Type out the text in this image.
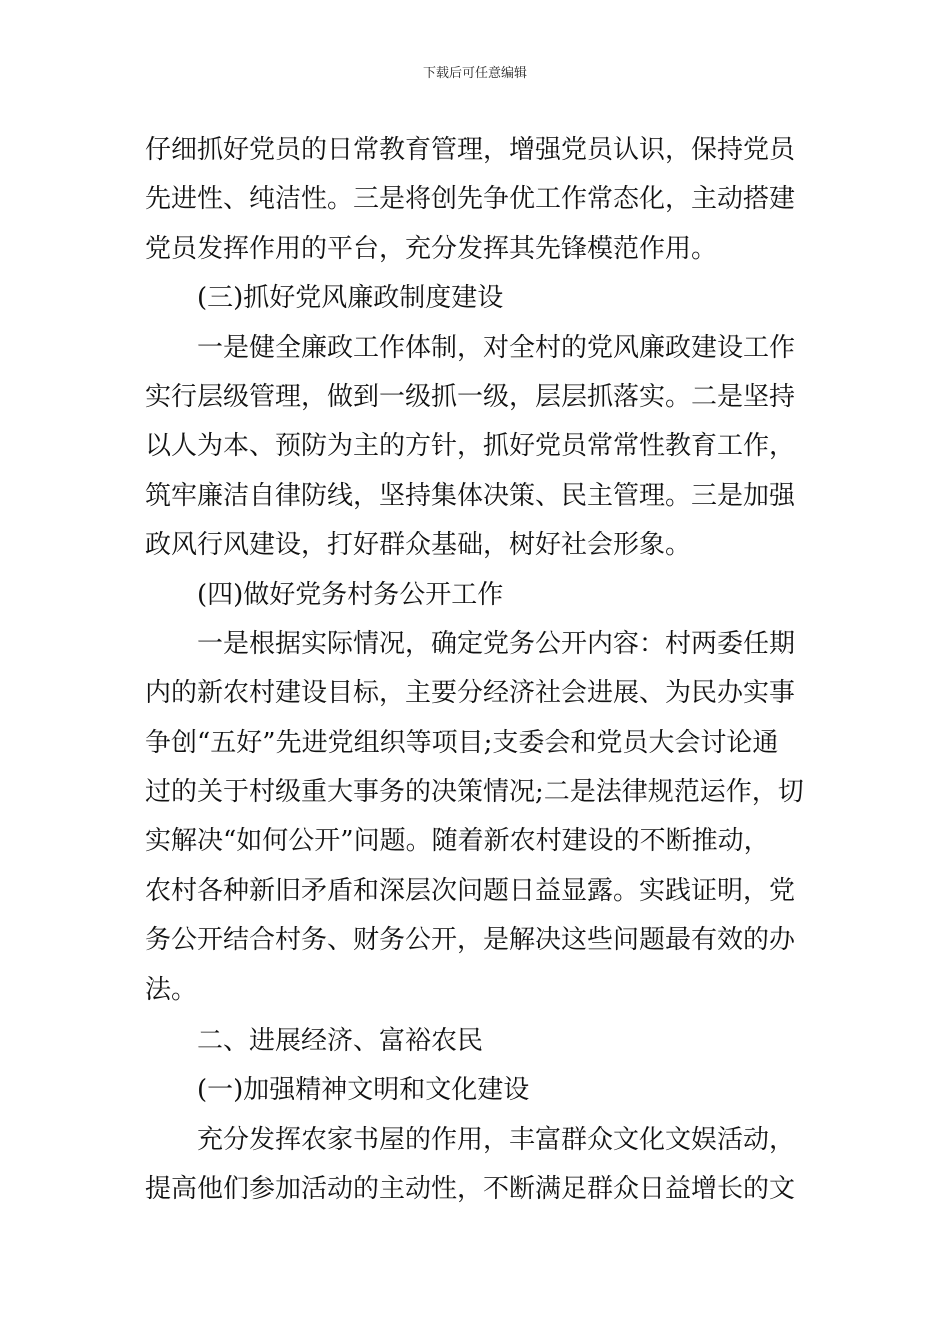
下载后可任意编辑
仔细抓好党员的日常教育管理，增强党员认识，保持党员
先进性、纯洁性。三是将创先争优工作常态化，主动搭建
党员发挥作用的平台，充分发挥其先锋模范作用。
(三)抓好党风廉政制度建设
一是健全廉政工作体制，对全村的党风廉政建设工作
实行层级管理，做到一级抓一级，层层抓落实。二是坚持
以人为本、预防为主的方针，抓好党员常常性教育工作，
筑牢廉洁自律防线，坚持集体决策、民主管理。三是加强
政风行风建设，打好群众基础，树好社会形象。
(四)做好党务村务公开工作
一是根据实际情况，确定党务公开内容：村两委任期
内的新农村建设目标，主要分经济社会进展、为民办实事
争创“五好”先进党组织等项目;支委会和党员大会讨论通
过的关于村级重大事务的决策情况;二是法律规范运作，切
实解决“如何公开”问题。随着新农村建设的不断推动，
农村各种新旧矛盾和深层次问题日益显露。实践证明，党
务公开结合村务、财务公开，是解决这些问题最有效的办
法。
二、进展经济、富裕农民
(一)加强精神文明和文化建设
充分发挥农家书屋的作用，丰富群众文化文娱活动，
提高他们参加活动的主动性，不断满足群众日益增长的文
